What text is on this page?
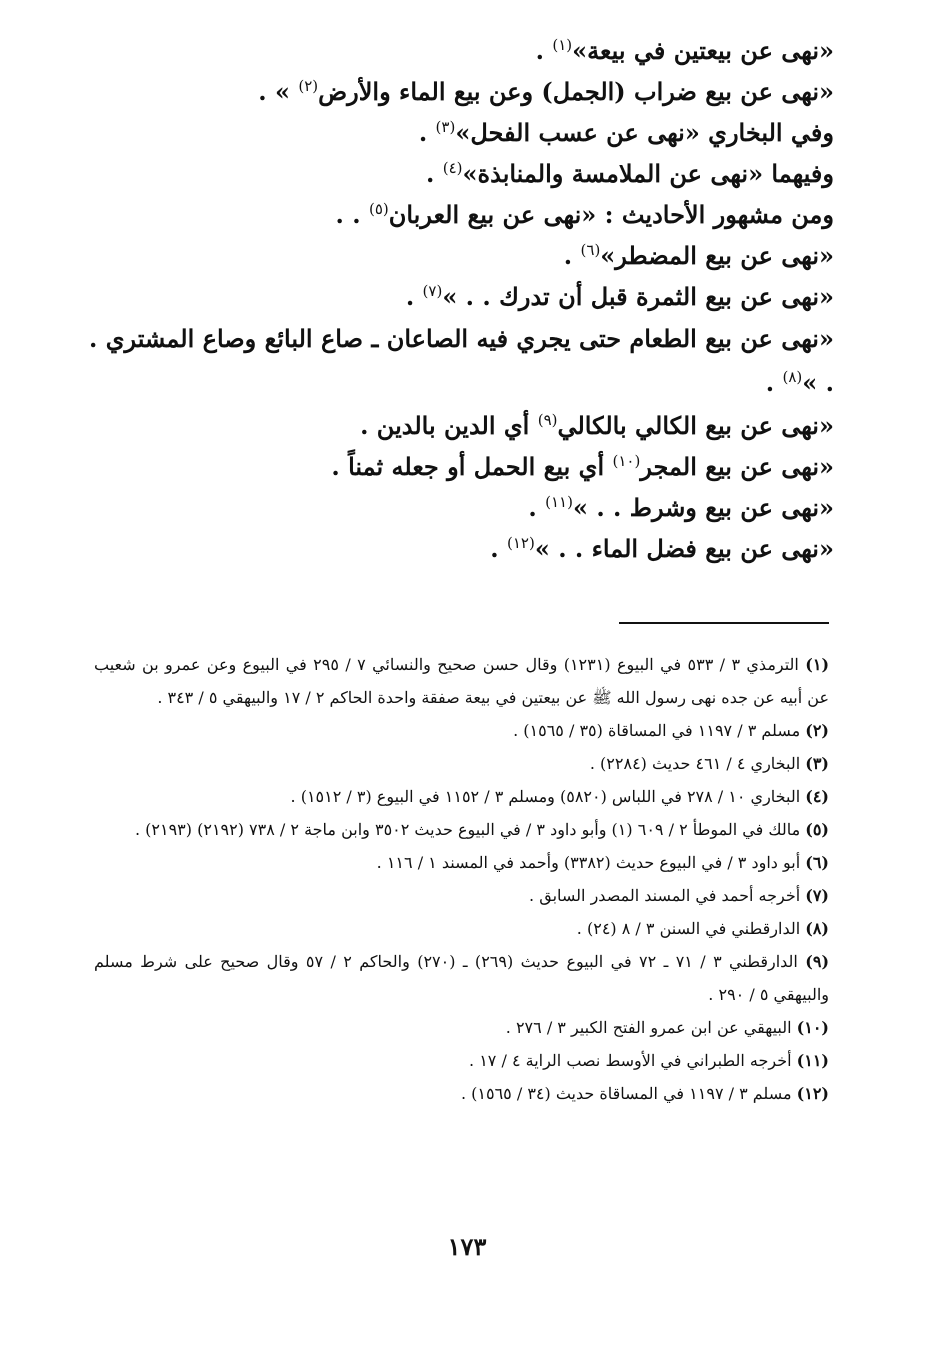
«نهى عن بيعتين في بيعة»$^{(١)}$ .
«نهى عن بيع ضراب (الجمل) وعن بيع الماء والأرض$^{(٢)}$ » .
وفي البخاري «نهى عن عسب الفحل»$^{(٣)}$ .
وفيهما «نهى عن الملامسة والمنابذة»$^{(٤)}$ .
ومن مشهور الأحاديث : «نهى عن بيع العربان$^{(٥)}$ . .
«نهى عن بيع المضطر»$^{(٦)}$ .
«نهى عن بيع الثمرة قبل أن تدرك . . »$^{(٧)}$ .
«نهى عن بيع الطعام حتى يجري فيه الصاعان ـ صاع البائع وصاع المشتري . . »$^{(٨)}$ .
«نهى عن بيع الكالي بالكالي$^{(٩)}$ أي الدين بالدين .
«نهى عن بيع المجر$^{(١٠)}$ أي بيع الحمل أو جعله ثمناً .
«نهى عن بيع وشرط . . »$^{(١١)}$ .
«نهى عن بيع فضل الماء . . »$^{(١٢)}$ .
(١) الترمذي ٣ / ٥٣٣ في البيوع (١٢٣١) وقال حسن صحيح والنسائي ٧ / ٢٩٥ في البيوع وعن عمرو بن شعيب عن أبيه عن جده نهى رسول الله ﷺ عن بيعتين في بيعة صفقة واحدة الحاكم ٢ / ١٧ والبيهقي ٥ / ٣٤٣ .
(٢) مسلم ٣ / ١١٩٧ في المساقاة (٣٥ / ١٥٦٥) .
(٣) البخاري ٤ / ٤٦١ حديث (٢٢٨٤) .
(٤) البخاري ١٠ / ٢٧٨ في اللباس (٥٨٢٠) ومسلم ٣ / ١١٥٢ في البيوع (٣ / ١٥١٢) .
(٥) مالك في الموطأ ٢ / ٦٠٩ (١) وأبو داود ٣ / في البيوع حديث ٣٥٠٢ وابن ماجة ٢ / ٧٣٨ (٢١٩٢) (٢١٩٣) .
(٦) أبو داود ٣ / في البيوع حديث (٣٣٨٢) وأحمد في المسند ١ / ١١٦ .
(٧) أخرجه أحمد في المسند المصدر السابق .
(٨) الدارقطني في السنن ٣ / ٨ (٢٤) .
(٩) الدارقطني ٣ / ٧١ ـ ٧٢ في البيوع حديث (٢٦٩) ـ (٢٧٠) والحاكم ٢ / ٥٧ وقال صحيح على شرط مسلم والبيهقي ٥ / ٢٩٠ .
(١٠) البيهقي عن ابن عمرو الفتح الكبير ٣ / ٢٧٦ .
(١١) أخرجه الطبراني في الأوسط نصب الراية ٤ / ١٧ .
(١٢) مسلم ٣ / ١١٩٧ في المساقاة حديث (٣٤ / ١٥٦٥) .
١٧٣
